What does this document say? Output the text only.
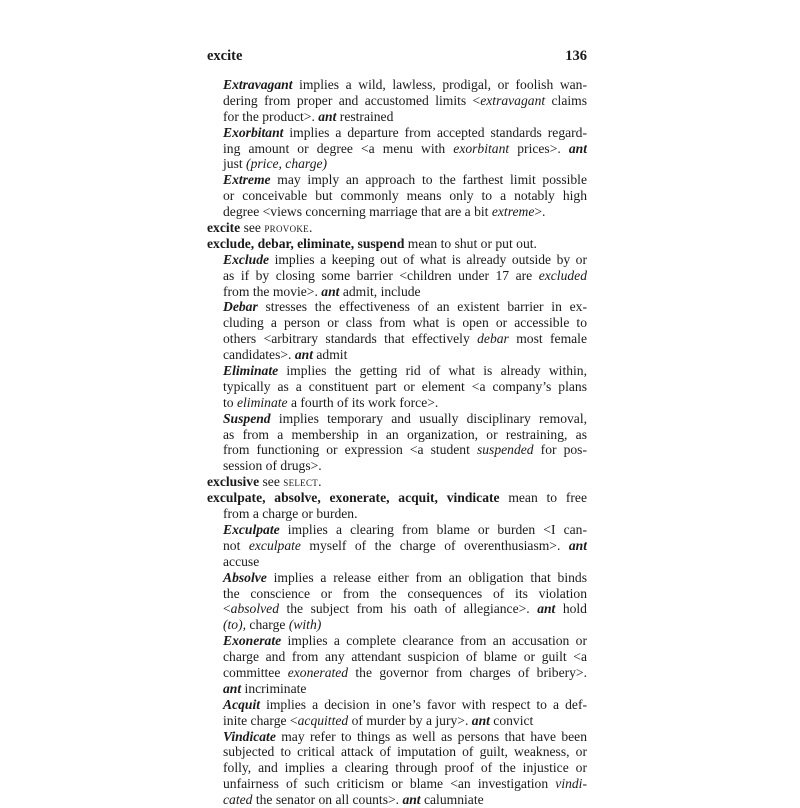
excite	136
Extravagant implies a wild, lawless, prodigal, or foolish wan-
dering from proper and accustomed limits <extravagant claims
for the product>. ant restrained
Exorbitant implies a departure from accepted standards regard-
ing amount or degree <a menu with exorbitant prices>. ant
just (price, charge)
Extreme may imply an approach to the farthest limit possible
or conceivable but commonly means only to a notably high
degree <views concerning marriage that are a bit extreme>.
excite see provoke.
exclude, debar, eliminate, suspend mean to shut or put out.
Exclude implies a keeping out of what is already outside by or
as if by closing some barrier <children under 17 are excluded
from the movie>. ant admit, include
Debar stresses the effectiveness of an existent barrier in ex-
cluding a person or class from what is open or accessible to
others <arbitrary standards that effectively debar most female
candidates>. ant admit
Eliminate implies the getting rid of what is already within,
typically as a constituent part or element <a company’s plans
to eliminate a fourth of its work force>.
Suspend implies temporary and usually disciplinary removal,
as from a membership in an organization, or restraining, as
from functioning or expression <a student suspended for pos-
session of drugs>.
exclusive see select.
exculpate, absolve, exonerate, acquit, vindicate mean to free
from a charge or burden.
Exculpate implies a clearing from blame or burden <I can-
not exculpate myself of the charge of overenthusiasm>. ant
accuse
Absolve implies a release either from an obligation that binds
the conscience or from the consequences of its violation
<absolved the subject from his oath of allegiance>. ant hold
(to), charge (with)
Exonerate implies a complete clearance from an accusation or
charge and from any attendant suspicion of blame or guilt <a
committee exonerated the governor from charges of bribery>.
ant incriminate
Acquit implies a decision in one’s favor with respect to a def-
inite charge <acquitted of murder by a jury>. ant convict
Vindicate may refer to things as well as persons that have been
subjected to critical attack of imputation of guilt, weakness, or
folly, and implies a clearing through proof of the injustice or
unfairness of such criticism or blame <an investigation vindi-
cated the senator on all counts>. ant calumniate
